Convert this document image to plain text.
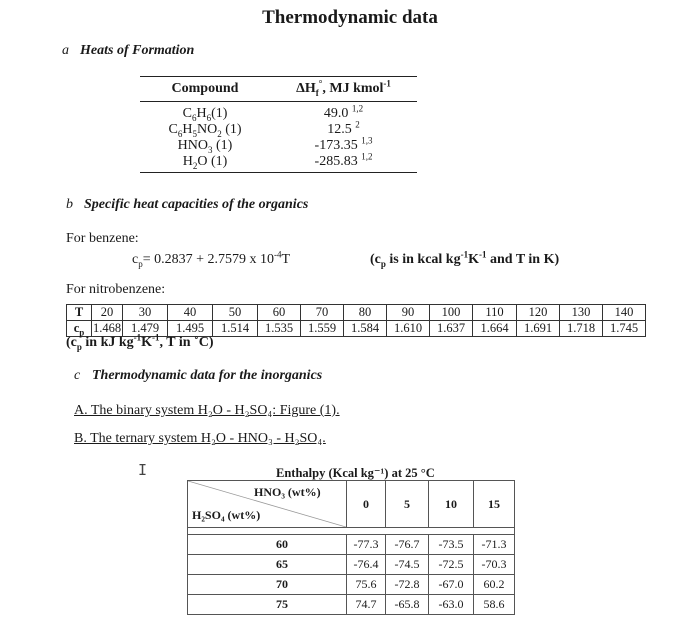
Thermodynamic data
a Heats of Formation
Compound	$\Delta H_f^\circ$, MJ kmol$^{-1}$
$C_6H_6(1)$	49.0 $^{1,2}$
$C_6H_5NO_2$ (1)	12.5 $^2$
$HNO_3$ (1)	-173.35 $^{1,3}$
$H_2O$ (1)	-285.83 $^{1,2}$
b Specific heat capacities of the organics
For benzene:
$c_p= 0.2837 + 2.7579$ x $10^{-4}T$	($c_p$ is in kcal $kg^{-1}K^{-1}$ and T in K)
For nitrobenzene:
T	20	30	40	50	60	70	80	90	100	110	120	130	140
$c_p$	1.468	1.479	1.495	1.514	1.535	1.559	1.584	1.610	1.637	1.664	1.691	1.718	1.745
($c_p$ in kJ $kg^{-1}K^{-1}$, T in ˚C)
c Thermodynamic data for the inorganics
A. The binary system H₂O - H₂SO₄: Figure (1).
B. The ternary system H₂O - HNO₃ - H₂SO₄.
I	Enthalpy (Kcal kg⁻¹) at 25 °C
HNO₃ (wt%)
H₂SO₄ (wt%)	0	5	10	15

60	-77.3	-76.7	-73.5	-71.3
65	-76.4	-74.5	-72.5	-70.3
70	75.6	-72.8	-67.0	60.2
75	74.7	-65.8	-63.0	58.6
